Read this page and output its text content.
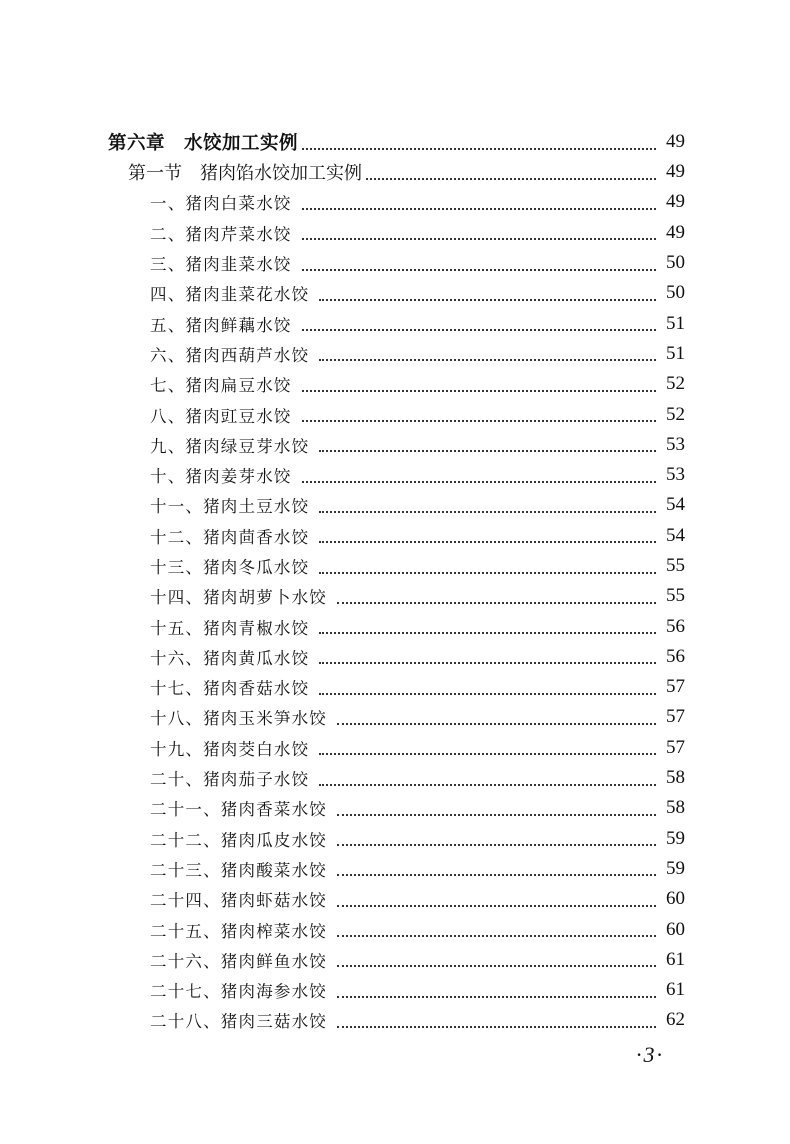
第六章　水饺加工实例	49
第一节　猪肉馅水饺加工实例	49
一、猪肉白菜水饺	49
二、猪肉芹菜水饺	49
三、猪肉韭菜水饺	50
四、猪肉韭菜花水饺	50
五、猪肉鲜藕水饺	51
六、猪肉西葫芦水饺	51
七、猪肉扁豆水饺	52
八、猪肉豇豆水饺	52
九、猪肉绿豆芽水饺	53
十、猪肉姜芽水饺	53
十一、猪肉土豆水饺	54
十二、猪肉茴香水饺	54
十三、猪肉冬瓜水饺	55
十四、猪肉胡萝卜水饺	55
十五、猪肉青椒水饺	56
十六、猪肉黄瓜水饺	56
十七、猪肉香菇水饺	57
十八、猪肉玉米笋水饺	57
十九、猪肉茭白水饺	57
二十、猪肉茄子水饺	58
二十一、猪肉香菜水饺	58
二十二、猪肉瓜皮水饺	59
二十三、猪肉酸菜水饺	59
二十四、猪肉虾菇水饺	60
二十五、猪肉榨菜水饺	60
二十六、猪肉鲜鱼水饺	61
二十七、猪肉海参水饺	61
二十八、猪肉三菇水饺	62
·3·
